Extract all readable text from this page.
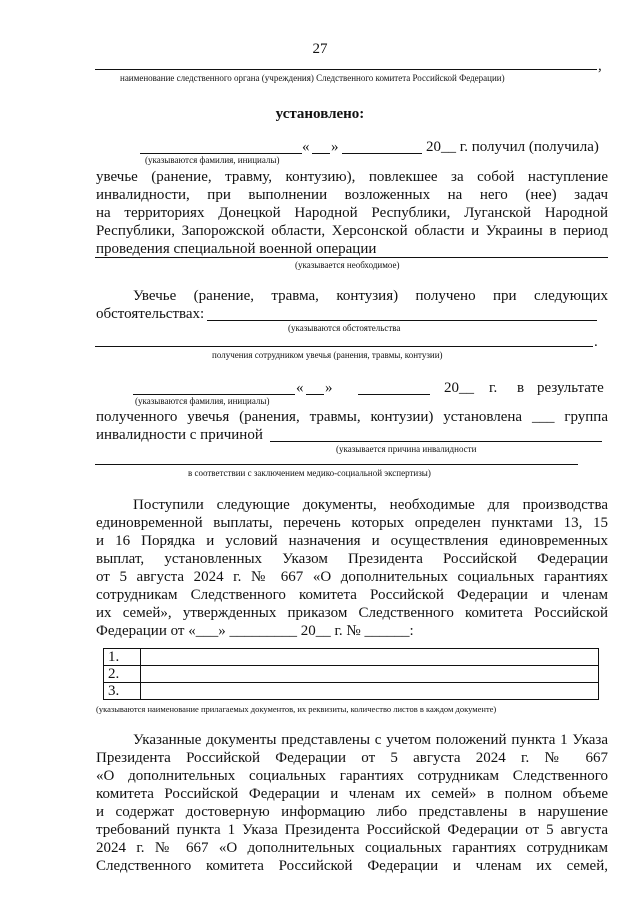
27
,
наименование следственного органа (учреждения) Следственного комитета Российской Федерации)
установлено:
« »	20__ г. получил (получила)
(указываются фамилия, инициалы)
увечье (ранение, травму, контузию), повлекшее за собой наступление
инвалидности, при выполнении возложенных на него (нее) задач
на территориях Донецкой Народной Республики, Луганской Народной
Республики, Запорожской области, Херсонской области и Украины в период
проведения специальной военной операции
(указывается необходимое)
Увечье (ранение, травма, контузия) получено при следующих
обстоятельствах:
(указываются обстоятельства
.
получения сотрудником увечья (ранения, травмы, контузии)
« »	20__ г. в результате
(указываются фамилия, инициалы)
полученного увечья (ранения, травмы, контузии) установлена ___ группа
инвалидности с причиной
(указывается причина инвалидности
в соответствии с заключением медико-социальной экспертизы)
Поступили следующие документы, необходимые для производства
единовременной выплаты, перечень которых определен пунктами 13, 15
и 16 Порядка и условий назначения и осуществления единовременных
выплат, установленных Указом Президента Российской Федерации
от 5 августа 2024 г. № 667 «О дополнительных социальных гарантиях
сотрудникам Следственного комитета Российской Федерации и членам
их семей», утвержденных приказом Следственного комитета Российской
Федерации от «___» _________ 20__ г. № ______:
1.	
2.	
3.	
(указываются наименование прилагаемых документов, их реквизиты, количество листов в каждом документе)
Указанные документы представлены с учетом положений пункта 1 Указа
Президента Российской Федерации от 5 августа 2024 г. № 667
«О дополнительных социальных гарантиях сотрудникам Следственного
комитета Российской Федерации и членам их семей» в полном объеме
и содержат достоверную информацию либо представлены в нарушение
требований пункта 1 Указа Президента Российской Федерации от 5 августа
2024 г. № 667 «О дополнительных социальных гарантиях сотрудникам
Следственного комитета Российской Федерации и членам их семей,
